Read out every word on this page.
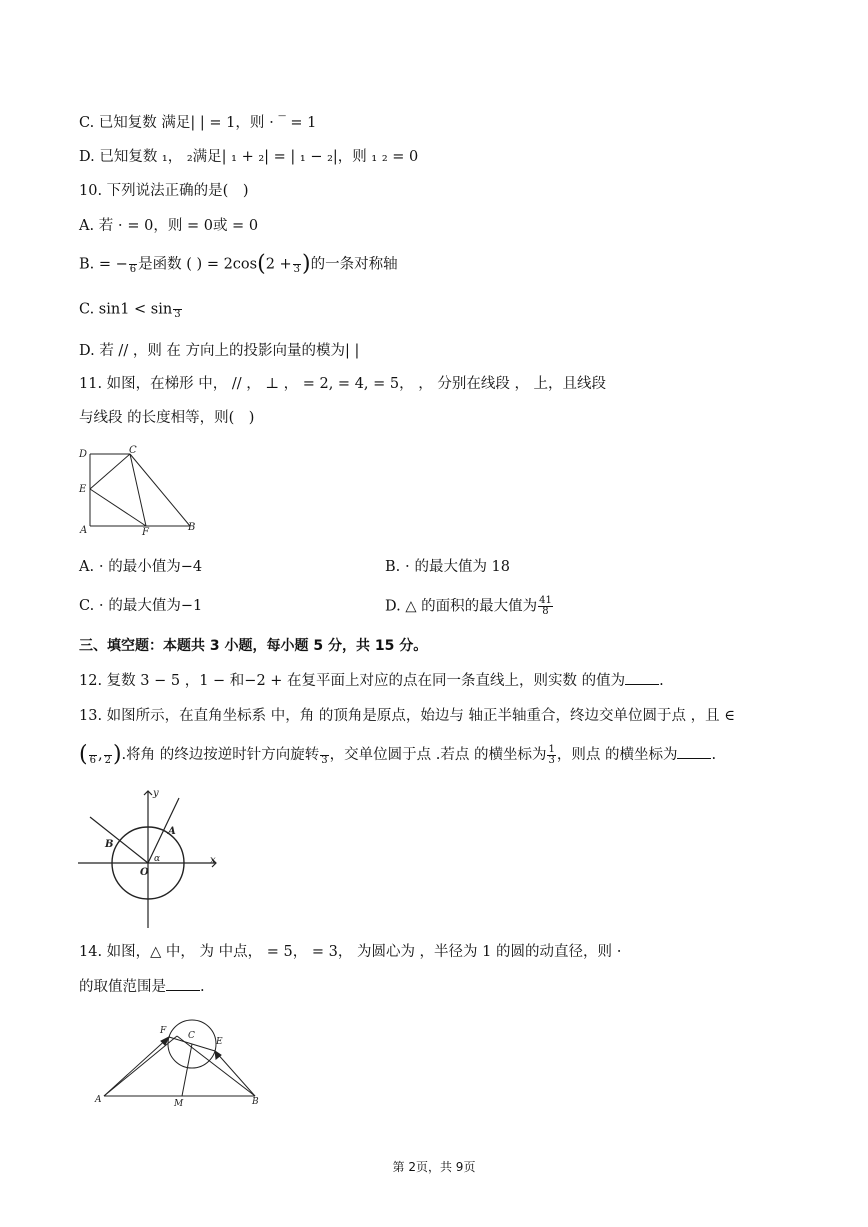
C. 已知复数 满足| | = 1，则 ⋅ ‾ = 1
D. 已知复数 ₁， ₂满足| ₁ + ₂| = | ₁ − ₂|，则 ₁ ₂ = 0
10. 下列说法正确的是(　)
A. 若 ⋅ = 0，则 = 0或 = 0
B. = −
6 是函数 ( ) = 2cos(2 +
3 )的一条对称轴
C. sin1 < sin
3
D. 若 // ，则 在 方向上的投影向量的模为| |
11. 如图，在梯形 中， // ， ⊥ ， = 2, = 4, = 5， ， 分别在线段 ， 上，且线段
与线段 的长度相等，则(　)
D	C
E
A	F	B
A. ⋅ 的最小值为−4	B. ⋅ 的最大值为 18
C. ⋅ 的最大值为−1	D. △ 的面积的最大值为 $\frac{41}{8}$
三、填空题：本题共 3 小题，每小题 5 分，共 15 分。
12. 复数 3 − 5 ，1 − 和−2 + 在复平面上对应的点在同一条直线上，则实数 的值为 .
13. 如图所示，在直角坐标系 中，角 的顶角是原点，始边与 轴正半轴重合，终边交单位圆于点 ，且 ∈
(
6 ,
2 ).将角 的终边按逆时针方向旋转
3 ，交单位圆于点 .若点 的横坐标为 $\frac{1}{3}$ ，则点 的横坐标为 .
y
x
A
B
O
α
14. 如图，△ 中， 为 中点， = 5， = 3， 为圆心为 ，半径为 1 的圆的动直径，则 ⋅
的取值范围是 .
F C
E
A	M	B
第 2页，共 9页
